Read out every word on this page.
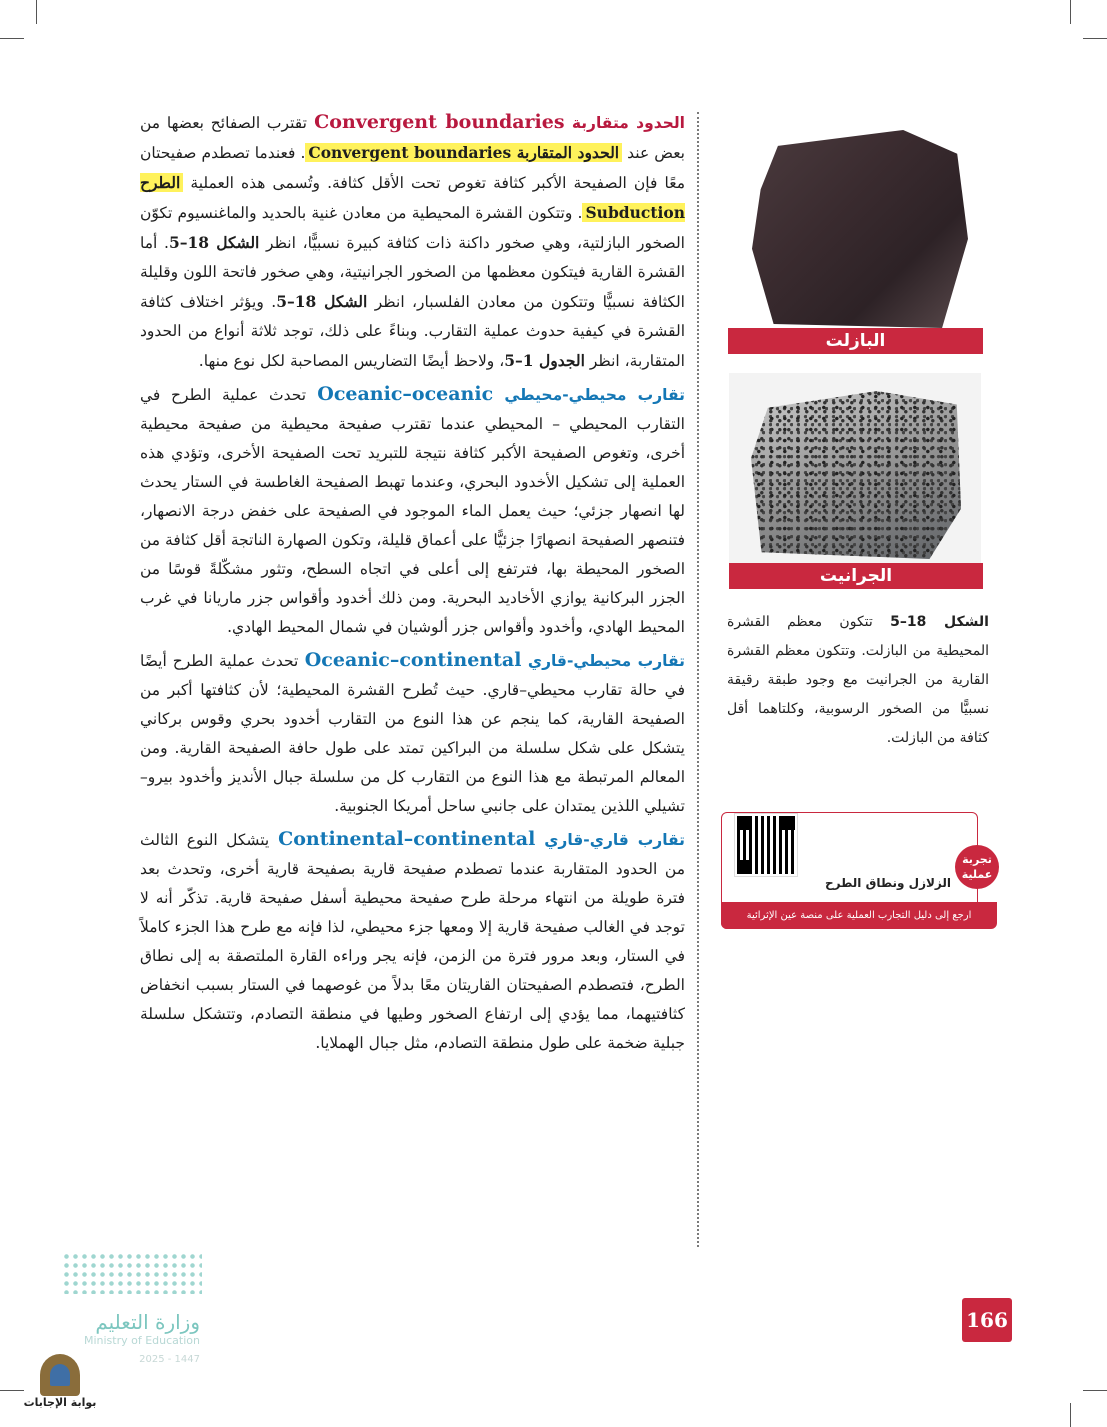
الحدود متقاربة Convergent boundaries تقترب الصفائح بعضها من بعض عند الحدود المتقاربة Convergent boundaries. فعندما تصطدم صفيحتان معًا فإن الصفيحة الأكبر كثافة تغوص تحت الأقل كثافة. وتُسمى هذه العملية الطرح Subduction. وتتكون القشرة المحيطية من معادن غنية بالحديد والماغنسيوم تكوّن الصخور البازلتية، وهي صخور داكنة ذات كثافة كبيرة نسبيًّا، انظر الشكل 18–5. أما القشرة القارية فيتكون معظمها من الصخور الجرانيتية، وهي صخور فاتحة اللون وقليلة الكثافة نسبيًّا وتتكون من معادن الفلسبار، انظر الشكل 18–5. ويؤثر اختلاف كثافة القشرة في كيفية حدوث عملية التقارب. وبناءً على ذلك، توجد ثلاثة أنواع من الحدود المتقاربة، انظر الجدول 1–5، ولاحظ أيضًا التضاريس المصاحبة لكل نوع منها.

تقارب محيطي-محيطي Oceanic–oceanic تحدث عملية الطرح في التقارب المحيطي – المحيطي عندما تقترب صفيحة محيطية من صفيحة محيطية أخرى، وتغوص الصفيحة الأكبر كثافة نتيجة للتبريد تحت الصفيحة الأخرى، وتؤدي هذه العملية إلى تشكيل الأخدود البحري، وعندما تهبط الصفيحة الغاطسة في الستار يحدث لها انصهار جزئي؛ حيث يعمل الماء الموجود في الصفيحة على خفض درجة الانصهار، فتنصهر الصفيحة انصهارًا جزئيًّا على أعماق قليلة، وتكون الصهارة الناتجة أقل كثافة من الصخور المحيطة بها، فترتفع إلى أعلى في اتجاه السطح، وتثور مشكّلةً قوسًا من الجزر البركانية يوازي الأخاديد البحرية. ومن ذلك أخدود وأقواس جزر ماريانا في غرب المحيط الهادي، وأخدود وأقواس جزر ألوشيان في شمال المحيط الهادي.

تقارب محيطي-قاري Oceanic–continental تحدث عملية الطرح أيضًا في حالة تقارب محيطي–قاري. حيث تُطرح القشرة المحيطية؛ لأن كثافتها أكبر من الصفيحة القارية، كما ينجم عن هذا النوع من التقارب أخدود بحري وقوس بركاني يتشكل على شكل سلسلة من البراكين تمتد على طول حافة الصفيحة القارية. ومن المعالم المرتبطة مع هذا النوع من التقارب كل من سلسلة جبال الأنديز وأخدود بيرو–تشيلي اللذين يمتدان على جانبي ساحل أمريكا الجنوبية.

تقارب قاري-قاري Continental–continental يتشكل النوع الثالث من الحدود المتقاربة عندما تصطدم صفيحة قارية بصفيحة قارية أخرى، وتحدث بعد فترة طويلة من انتهاء مرحلة طرح صفيحة محيطية أسفل صفيحة قارية. تذكّر أنه لا توجد في الغالب صفيحة قارية إلا ومعها جزء محيطي، لذا فإنه مع طرح هذا الجزء كاملاً في الستار، وبعد مرور فترة من الزمن، فإنه يجر وراءه القارة الملتصقة به إلى نطاق الطرح، فتصطدم الصفيحتان القاريتان معًا بدلاً من غوصهما في الستار بسبب انخفاض كثافتيهما، مما يؤدي إلى ارتفاع الصخور وطيها في منطقة التصادم، وتتشكل سلسلة جبلية ضخمة على طول منطقة التصادم، مثل جبال الهملايا.

البازلت
الجرانيت
الشكل 18–5 تتكون معظم القشرة المحيطية من البازلت. وتتكون معظم القشرة القارية من الجرانيت مع وجود طبقة رقيقة نسبيًّا من الصخور الرسوبية، وكلتاهما أقل كثافة من البازلت.
تجربة عملية
الزلازل ونطاق الطرح
ارجع إلى دليل التجارب العملية على منصة عين الإثرائية
وزارة التعليم
Ministry of Education
2025 - 1447
166
بوابة الإجابات
